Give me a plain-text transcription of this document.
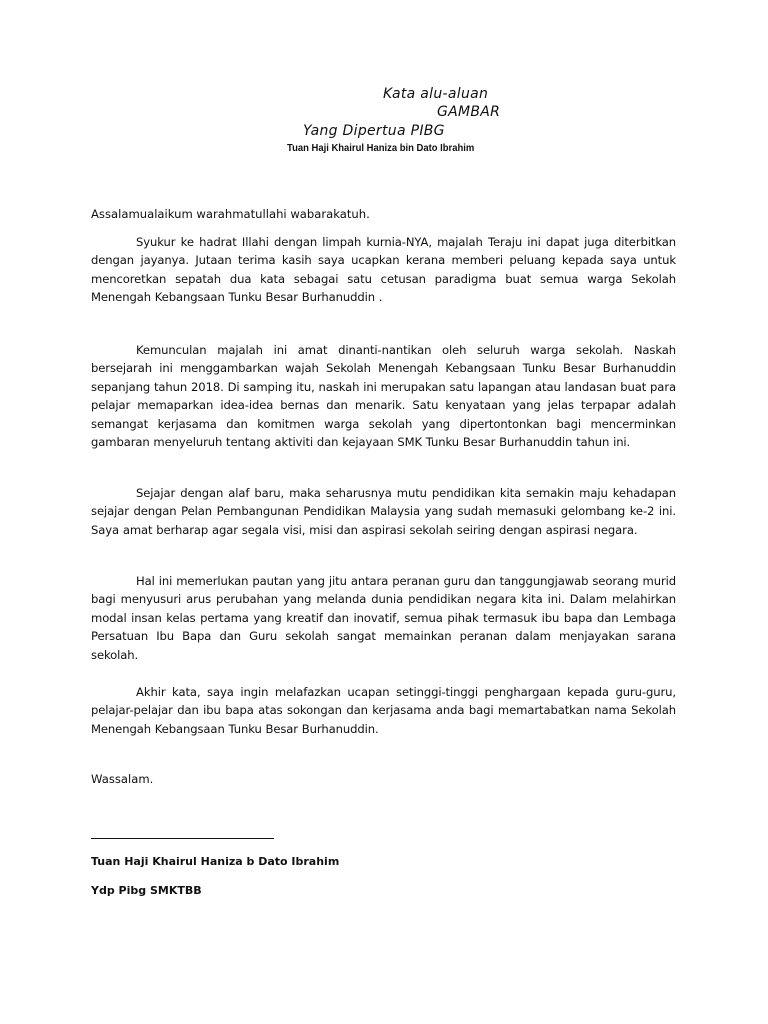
Kata alu-aluan
GAMBAR
Yang Dipertua PIBG
Tuan Haji Khairul Haniza bin Dato Ibrahim
Assalamualaikum warahmatullahi wabarakatuh.
Syukur ke hadrat Illahi dengan limpah kurnia-NYA, majalah Teraju ini dapat juga diterbitkan dengan jayanya. Jutaan terima kasih saya ucapkan kerana memberi peluang kepada saya untuk mencoretkan sepatah dua kata sebagai satu cetusan paradigma buat semua warga Sekolah Menengah Kebangsaan Tunku Besar Burhanuddin .
Kemunculan majalah ini amat dinanti-nantikan oleh seluruh warga sekolah. Naskah bersejarah ini menggambarkan wajah Sekolah Menengah Kebangsaan Tunku Besar Burhanuddin sepanjang tahun 2018. Di samping itu, naskah ini merupakan satu lapangan atau landasan buat para pelajar memaparkan idea-idea bernas dan menarik. Satu kenyataan yang jelas terpapar adalah semangat kerjasama dan komitmen warga sekolah yang dipertontonkan bagi mencerminkan gambaran menyeluruh tentang aktiviti dan kejayaan SMK Tunku Besar Burhanuddin tahun ini.
Sejajar dengan alaf baru, maka seharusnya mutu pendidikan kita semakin maju kehadapan sejajar dengan Pelan Pembangunan Pendidikan Malaysia yang sudah memasuki gelombang ke-2 ini. Saya amat berharap agar segala visi, misi dan aspirasi sekolah seiring dengan aspirasi negara.
Hal ini memerlukan pautan yang jitu antara peranan guru dan tanggungjawab seorang murid bagi menyusuri arus perubahan yang melanda dunia pendidikan negara kita ini. Dalam melahirkan modal insan kelas pertama yang kreatif dan inovatif, semua pihak termasuk ibu bapa dan Lembaga Persatuan Ibu Bapa dan Guru sekolah sangat memainkan peranan dalam menjayakan sarana sekolah.
Akhir kata, saya ingin melafazkan ucapan setinggi-tinggi penghargaan kepada guru-guru, pelajar-pelajar dan ibu bapa atas sokongan dan kerjasama anda bagi memartabatkan nama Sekolah Menengah Kebangsaan Tunku Besar Burhanuddin.
Wassalam.
Tuan Haji Khairul Haniza b Dato Ibrahim
Ydp Pibg SMKTBB
